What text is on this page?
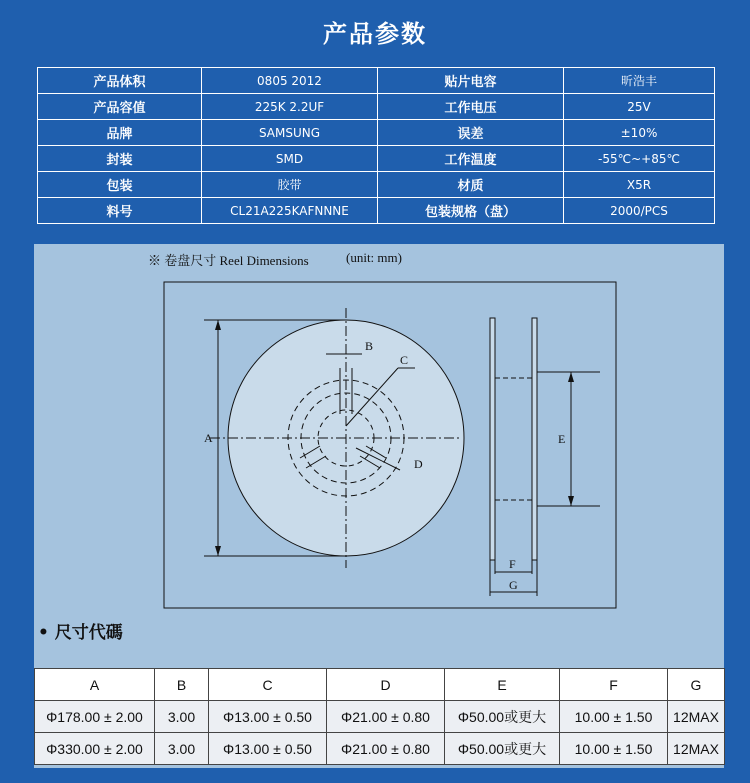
产品参数
产品体积	0805 2012	贴片电容	昕浩丰
产品容值	225K 2.2UF	工作电压	25V
品牌	SAMSUNG	误差	±10%
封装	SMD	工作温度	-55℃~+85℃
包装	胶带	材质	X5R
料号	CL21A225KAFNNNE	包装规格（盘）	2000/PCS
※ 卷盘尺寸 Reel Dimensions	(unit: mm)
A
B
C
D
E
F
G
• 尺寸代碼
A	B	C	D	E	F	G
Φ178.00 ± 2.00	3.00	Φ13.00 ± 0.50	Φ21.00 ± 0.80	Φ50.00或更大	10.00 ± 1.50	12MAX
Φ330.00 ± 2.00	3.00	Φ13.00 ± 0.50	Φ21.00 ± 0.80	Φ50.00或更大	10.00 ± 1.50	12MAX
